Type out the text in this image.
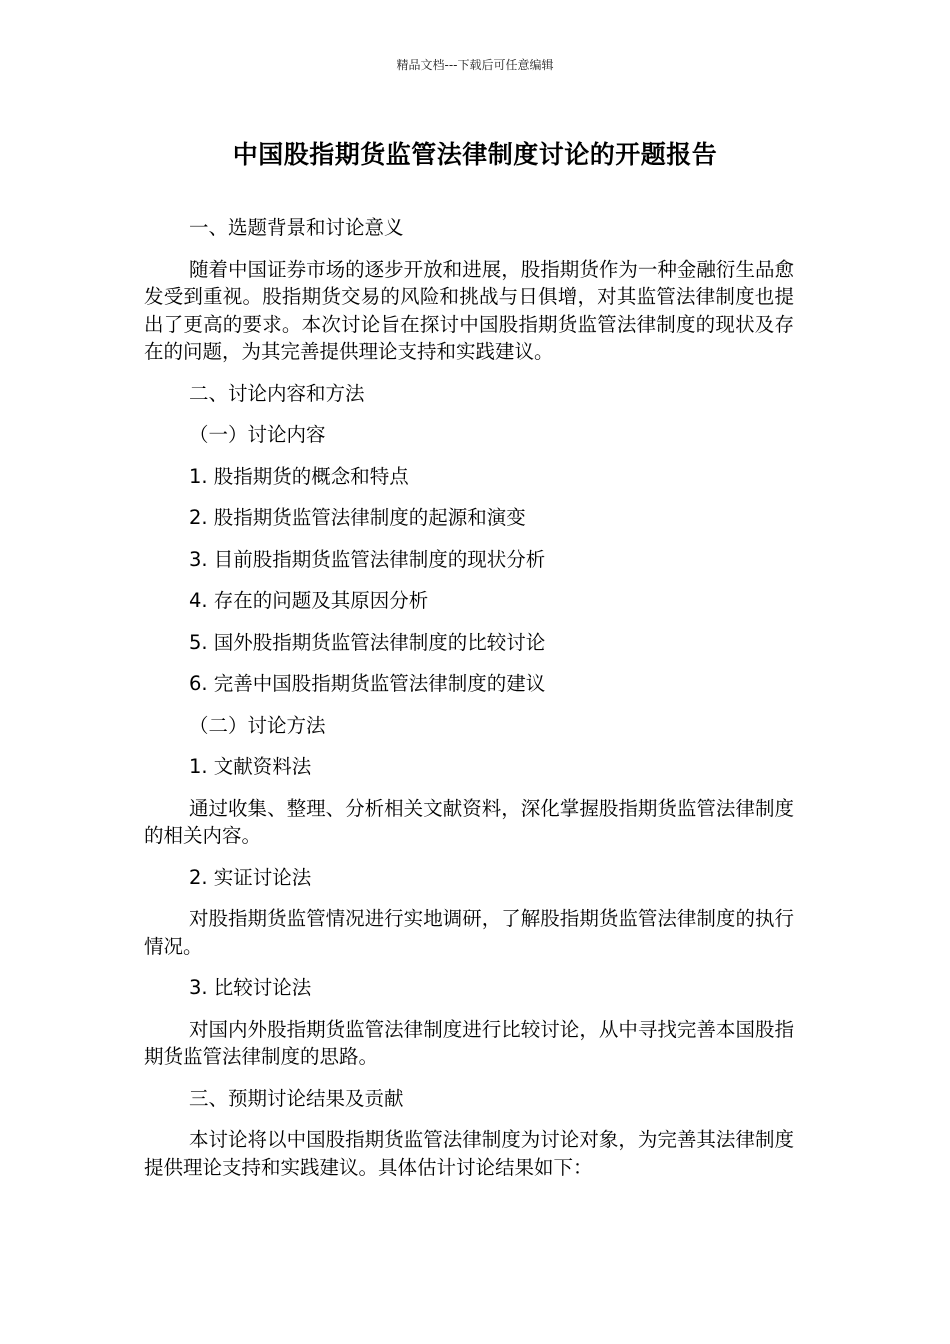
精品文档---下载后可任意编辑
中国股指期货监管法律制度讨论的开题报告
一、选题背景和讨论意义
随着中国证券市场的逐步开放和进展，股指期货作为一种金融衍生品愈发受到重视。股指期货交易的风险和挑战与日俱增，对其监管法律制度也提出了更高的要求。本次讨论旨在探讨中国股指期货监管法律制度的现状及存在的问题，为其完善提供理论支持和实践建议。
二、讨论内容和方法
（一）讨论内容
1. 股指期货的概念和特点
2. 股指期货监管法律制度的起源和演变
3. 目前股指期货监管法律制度的现状分析
4. 存在的问题及其原因分析
5. 国外股指期货监管法律制度的比较讨论
6. 完善中国股指期货监管法律制度的建议
（二）讨论方法
1. 文献资料法
通过收集、整理、分析相关文献资料，深化掌握股指期货监管法律制度的相关内容。
2. 实证讨论法
对股指期货监管情况进行实地调研，了解股指期货监管法律制度的执行情况。
3. 比较讨论法
对国内外股指期货监管法律制度进行比较讨论，从中寻找完善本国股指期货监管法律制度的思路。
三、预期讨论结果及贡献
本讨论将以中国股指期货监管法律制度为讨论对象，为完善其法律制度提供理论支持和实践建议。具体估计讨论结果如下：
